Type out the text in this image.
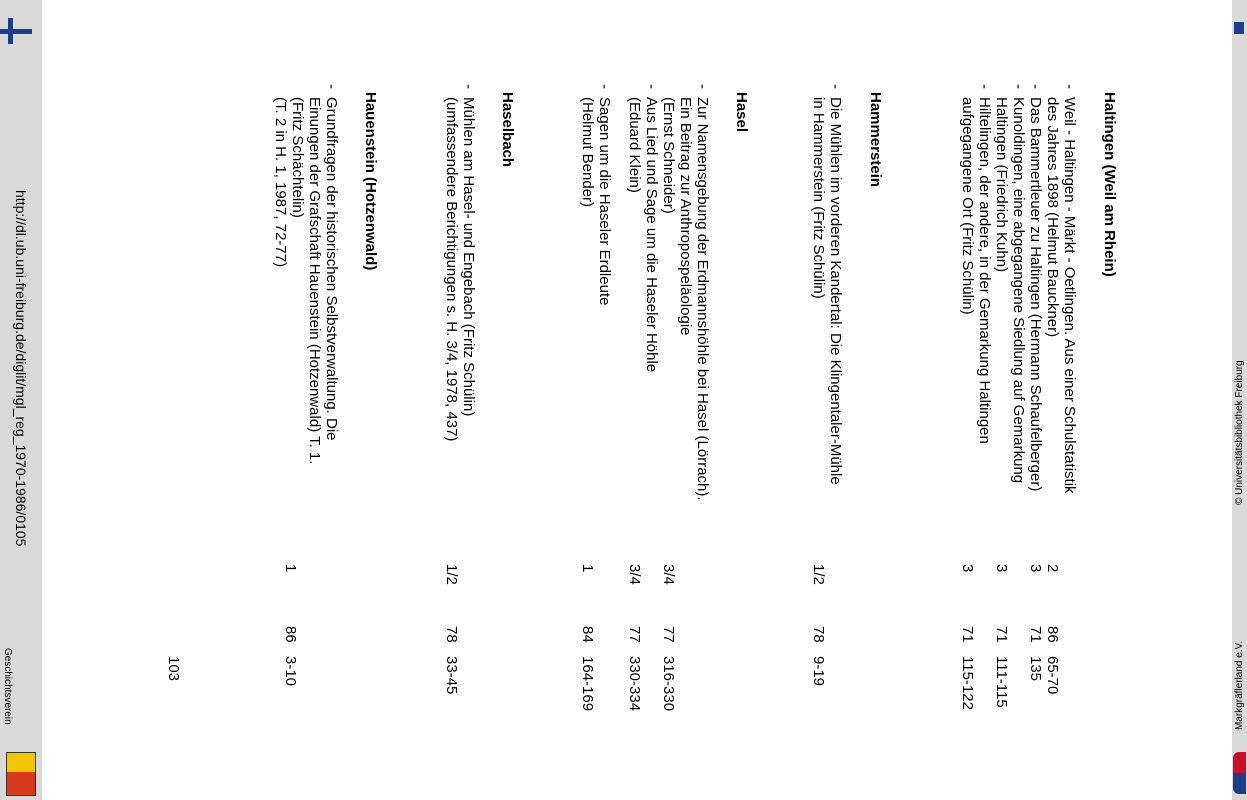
http://dl.ub.uni-freiburg.de/diglit/mgl_reg_1970-1986/0105
Geschichtsverein
© Universitätsbibliothek Freiburg
Markgräflerland e.V.
103
Haltingen (Weil am Rhein)
-
Weil - Haltingen - Märkt - Oetlingen. Aus einer Schulstatistik
des Jahres 1898 (Helmut Bauckner)
2
86
65-70
-
Das Bammertleuer zu Haltingen (Hermann Schaufelberger)
3
71
135
-
Kunoldingen, eine abgegangene Siedlung auf Gemarkung
Haltingen (Friedrich Kuhn)
3
71
111-115
-
Hiltelingen, der andere, in der Gemarkung Haltingen
aufgegangene Ort (Fritz Schülin)
3
71
115-122
Hammerstein
-
Die Mühlen im vorderen Kandertal: Die Klingentaler-Mühle
in Hammerstein (Fritz Schülin)
1/2
78
9-19
Hasel
-
Zur Namensgebung der Erdmannshöhle bei Hasel (Lörrach).
Ein Beitrag zur Anthropospeläologie
(Ernst Schneider)
3/4
77
316-330
-
Aus Lied und Sage um die Haseler Höhle
(Eduard Klein)
3/4
77
330-334
-
Sagen um die Haseler Erdleute
(Helmut Bender)
1
84
164-169
Haselbach
-
Mühlen am Hasel- und Engebach (Fritz Schülin)
(umfassendere Berichtigungen s. H. 3/4, 1978, 437)
1/2
78
33-45
Hauenstein (Hotzenwald)
-
Grundfragen der historischen Selbstverwaltung. Die
Einungen der Grafschaft Hauenstein (Hotzenwald) T. 1.
(Fritz Schächtelin)
(T. 2 in H. 1, 1987, 72-77)
1
86
3-10
